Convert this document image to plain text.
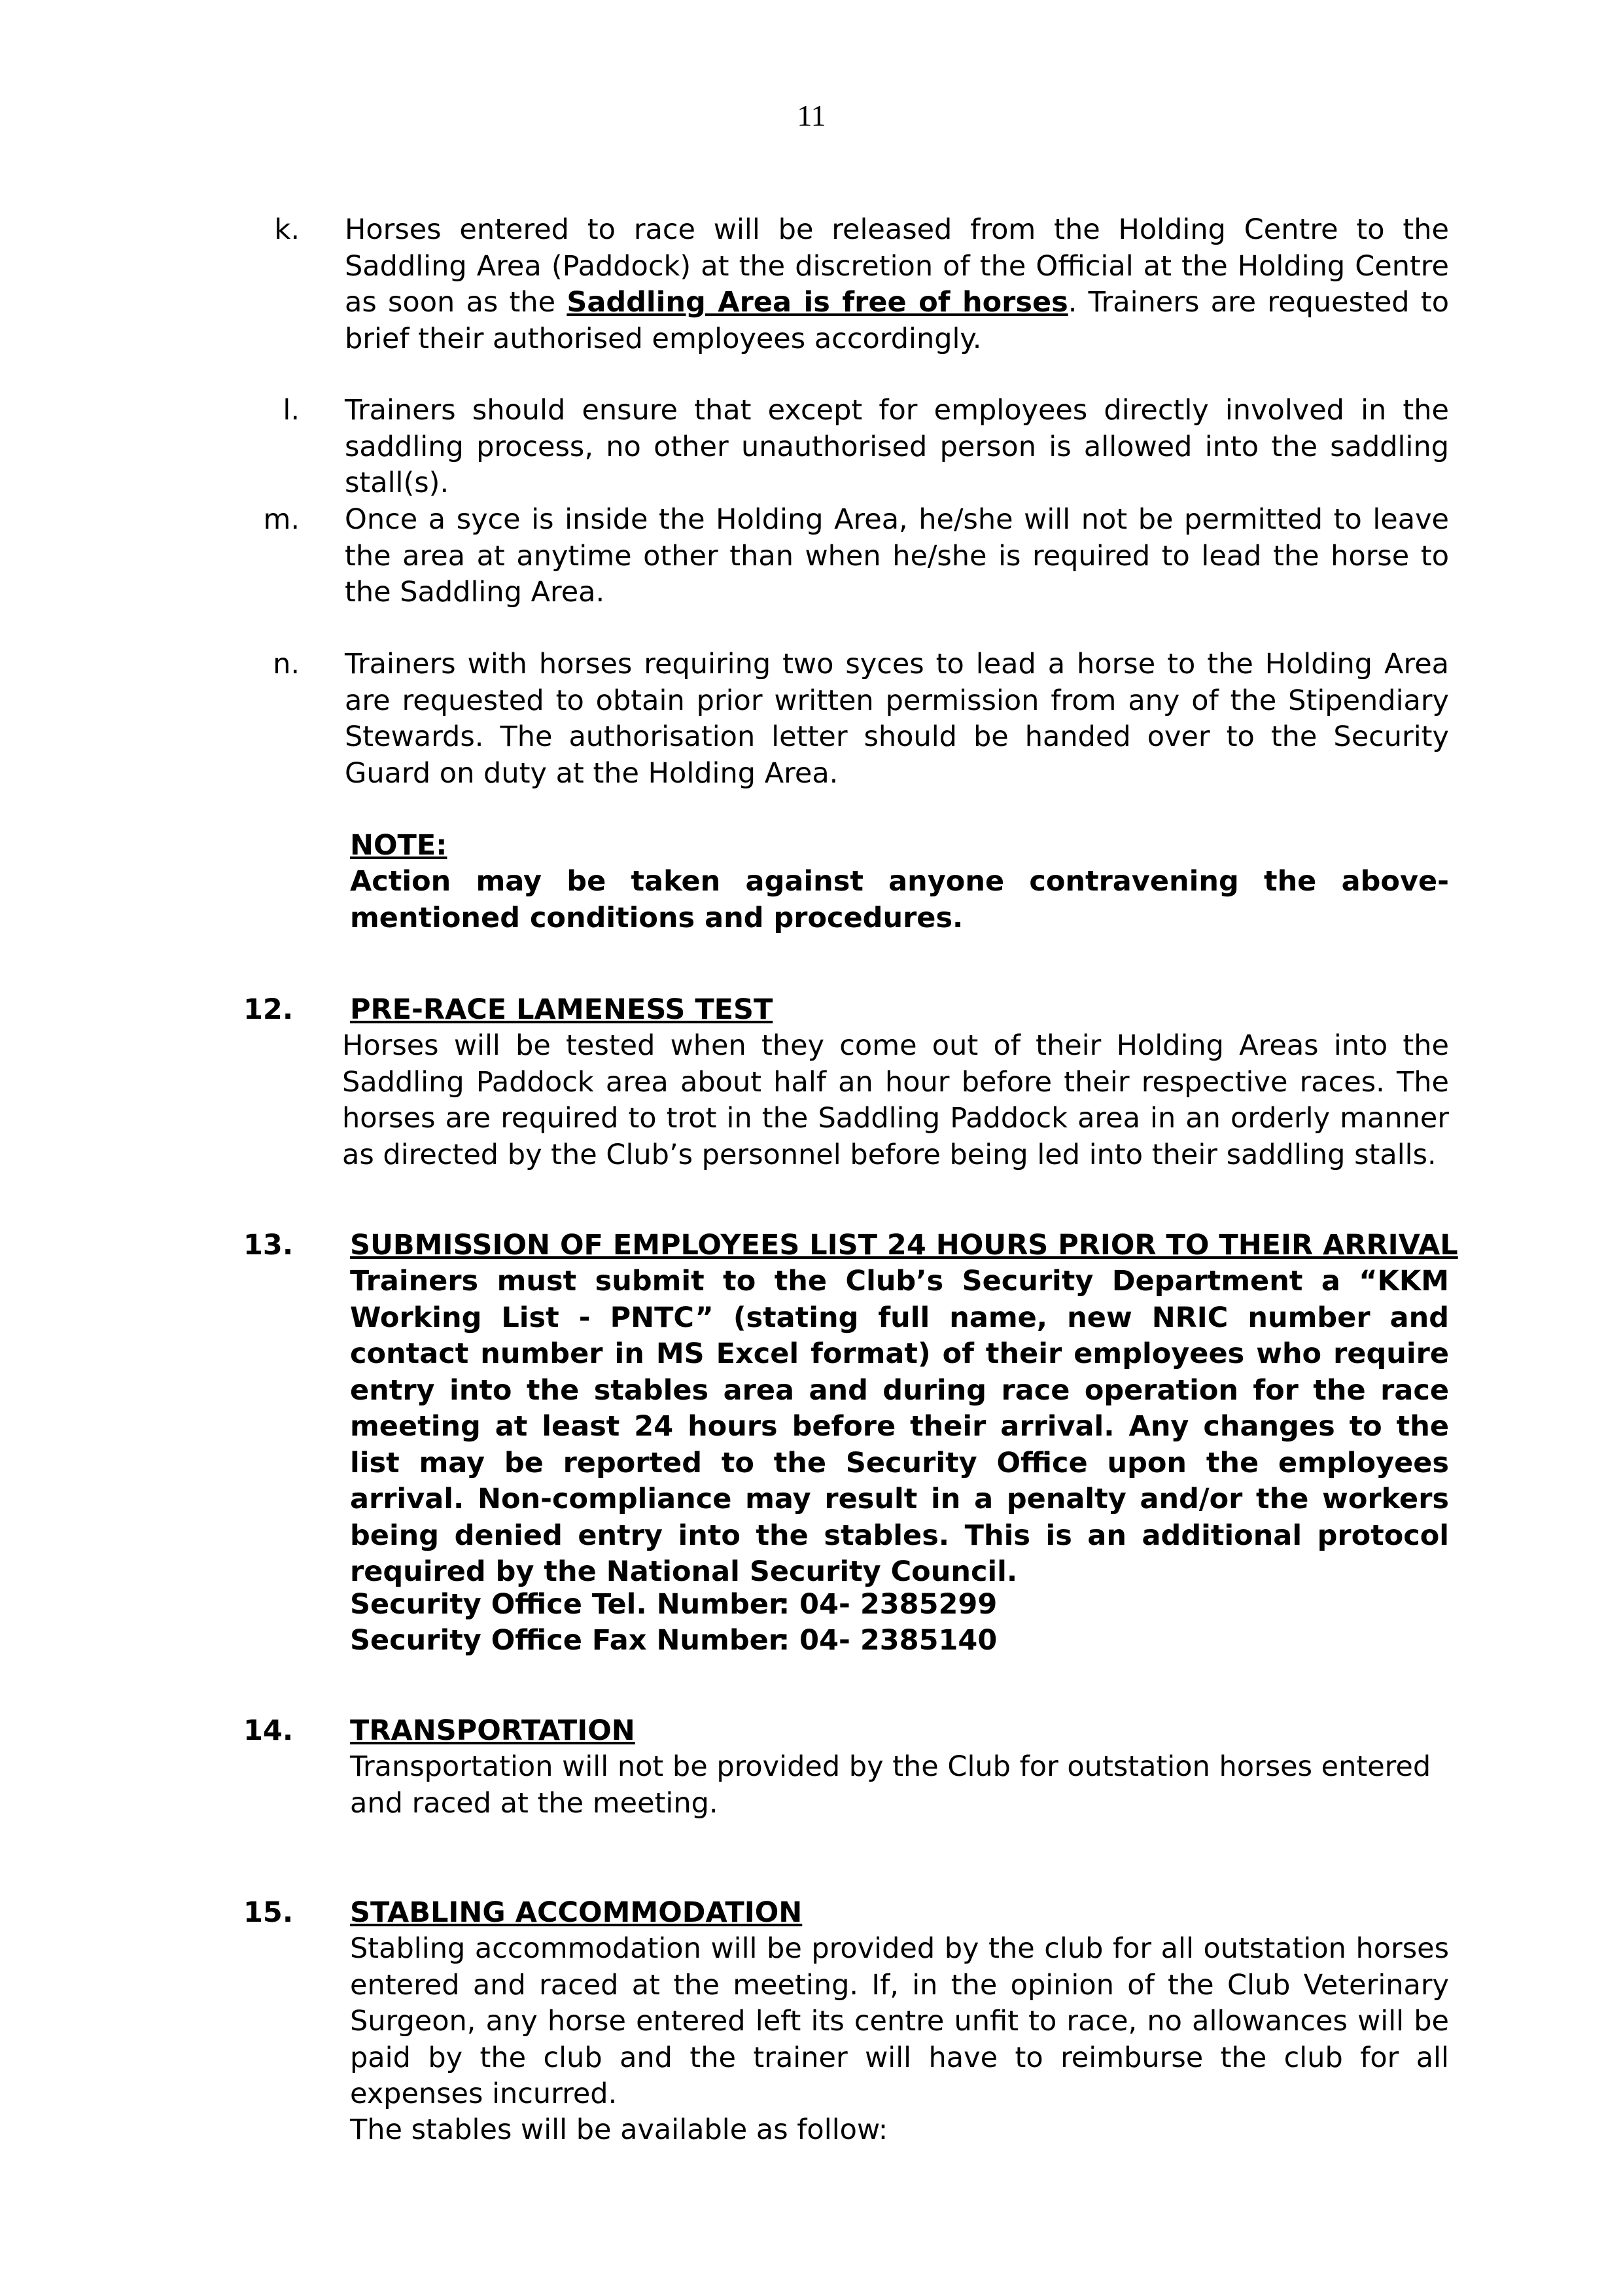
11
k. Horses entered to race will be released from the Holding Centre to the Saddling Area (Paddock) at the discretion of the Official at the Holding Centre as soon as the Saddling Area is free of horses. Trainers are requested to brief their authorised employees accordingly.
l. Trainers should ensure that except for employees directly involved in the saddling process, no other unauthorised person is allowed into the saddling stall(s).
m. Once a syce is inside the Holding Area, he/she will not be permitted to leave the area at anytime other than when he/she is required to lead the horse to the Saddling Area.
n. Trainers with horses requiring two syces to lead a horse to the Holding Area are requested to obtain prior written permission from any of the Stipendiary Stewards. The authorisation letter should be handed over to the Security Guard on duty at the Holding Area.
NOTE:
Action may be taken against anyone contravening the above-mentioned conditions and procedures.
12. PRE-RACE LAMENESS TEST
Horses will be tested when they come out of their Holding Areas into the Saddling Paddock area about half an hour before their respective races. The horses are required to trot in the Saddling Paddock area in an orderly manner as directed by the Club’s personnel before being led into their saddling stalls.
13. SUBMISSION OF EMPLOYEES LIST 24 HOURS PRIOR TO THEIR ARRIVAL
Trainers must submit to the Club’s Security Department a “KKM Working List - PNTC” (stating full name, new NRIC number and contact number in MS Excel format) of their employees who require entry into the stables area and during race operation for the race meeting at least 24 hours before their arrival. Any changes to the list may be reported to the Security Office upon the employees arrival. Non-compliance may result in a penalty and/or the workers being denied entry into the stables. This is an additional protocol required by the National Security Council.
Security Office Tel. Number: 04- 2385299
Security Office Fax Number: 04- 2385140
14. TRANSPORTATION
Transportation will not be provided by the Club for outstation horses entered and raced at the meeting.
15. STABLING ACCOMMODATION
Stabling accommodation will be provided by the club for all outstation horses entered and raced at the meeting. If, in the opinion of the Club Veterinary Surgeon, any horse entered left its centre unfit to race, no allowances will be paid by the club and the trainer will have to reimburse the club for all expenses incurred.
The stables will be available as follow:
